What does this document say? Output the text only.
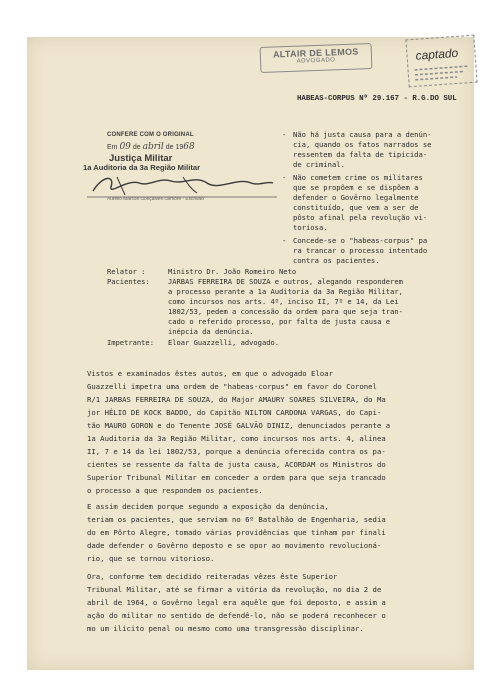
ALTAIR DE LEMOS
ADVOGADO	captado
HABEAS-CORPUS Nº 29.167 - R.G.DO SUL
CONFERE COM O ORIGINAL
Em 09 de abril de 1968
Justiça Militar
1a Auditoria da 3a Região Militar
Aurélio Marcos Gonçalves Gilmore - Escrivão
- Não há justa causa para a denún-
cia, quando os fatos narrados se
ressentem da falta de tipicida-
de criminal.
- Não cometem crime os militares
que se propõem e se dispõem a
defender o Govêrno legalmente
constituído, que vem a ser de
pôsto afinal pela revolução vi-
toriosa.
- Concede-se o "habeas-corpus" pa
ra trancar o processo intentado
contra os pacientes.
Relator :	Ministro Dr. João Romeiro Neto
Pacientes:	JARBAS FERREIRA DE SOUZA e outros, alegando responderem
a processo perante a 1a Auditoria da 3a Região Militar,
como incursos nos arts. 4º, inciso II, 7º e 14, da Lei
1802/53, pedem a concessão da ordem para que seja tran-
cado o referido processo, por falta de justa causa e
inépcia da denúncia.
Impetrante: Eloar Guazzelli, advogado.
Vistos e examinados êstes autos, em que o advogado Eloar
Guazzelli impetra uma ordem de "habeas-corpus" em favor do Coronel
R/1 JARBAS FERREIRA DE SOUZA, do Major AMAURY SOARES SILVEIRA, do Ma
jor HÉLIO DE KOCK BADDO, do Capitão NILTON CARDONA VARGAS, do Capi-
tão MAURO GORON e do Tenente JOSÉ GALVÃO DINIZ, denunciados perante a
1a Auditoria da 3a Região Militar, como incursos nos arts. 4, alínea
II, 7 e 14 da lei 1802/53, porque a denúncia oferecida contra os pa-
cientes se ressente da falta de justa causa, ACORDAM os Ministros do
Superior Tribunal Militar em conceder a ordem para que seja trancado
o processo a que respondem os pacientes.
E assim decidem porque segundo a exposição da denúncia,
teriam os pacientes, que serviam no 6º Batalhão de Engenharia, sedia
do em Pôrto Alegre, tomado várias providências que tinham por finali
dade defender o Govêrno deposto e se opor ao movimento revolucioná-
rio, que se tornou vitorioso.
Ora, conforme tem decidido reiteradas vêzes êste Superior
Tribunal Militar, até se firmar a vitória da revolução, no dia 2 de
abril de 1964, o Govêrno legal era aquêle que foi deposto, e assim a
ação do militar no sentido de defendê-lo, não se poderá reconhecer o
mo um ilícito penal ou mesmo como uma transgressão disciplinar.
